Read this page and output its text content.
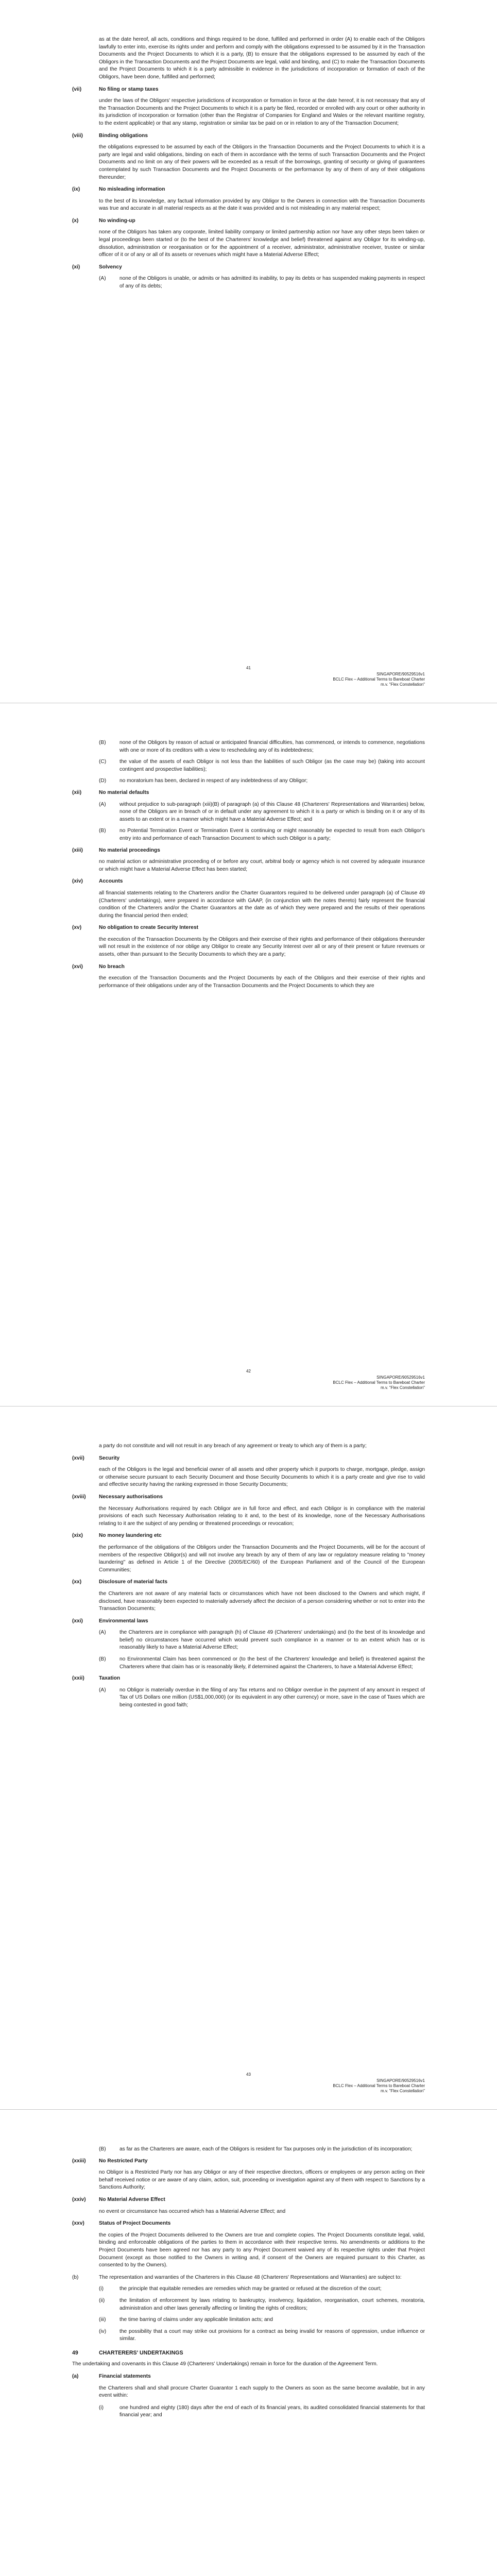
as at the date hereof, all acts, conditions and things required to be done, fulfilled and performed in order (A) to enable each of the Obligors lawfully to enter into, exercise its rights under and perform and comply with the obligations expressed to be assumed by it in the Transaction Documents and the Project Documents to which it is a party, (B) to ensure that the obligations expressed to be assumed by each of the Obligors in the Transaction Documents and the Project Documents are legal, valid and binding, and (C) to make the Transaction Documents and the Project Documents to which it is a party admissible in evidence in the jurisdictions of incorporation or formation of each of the Obligors, have been done, fulfilled and performed;

(vii)	No filing or stamp taxes

under the laws of the Obligors' respective jurisdictions of incorporation or formation in force at the date hereof, it is not necessary that any of the Transaction Documents and the Project Documents to which it is a party be filed, recorded or enrolled with any court or other authority in its jurisdiction of incorporation or formation (other than the Registrar of Companies for England and Wales or the relevant maritime registry, to the extent applicable) or that any stamp, registration or similar tax be paid on or in relation to any of the Transaction Document;

(viii)	Binding obligations

the obligations expressed to be assumed by each of the Obligors in the Transaction Documents and the Project Documents to which it is a party are legal and valid obligations, binding on each of them in accordance with the terms of such Transaction Documents and the Project Documents and no limit on any of their powers will be exceeded as a result of the borrowings, granting of security or giving of guarantees contemplated by such Transaction Documents and the Project Documents or the performance by any of them of any of their obligations thereunder;

(ix)	No misleading information

to the best of its knowledge, any factual information provided by any Obligor to the Owners in connection with the Transaction Documents was true and accurate in all material respects as at the date it was provided and is not misleading in any material respect;

(x)	No winding-up

none of the Obligors has taken any corporate, limited liability company or limited partnership action nor have any other steps been taken or legal proceedings been started or (to the best of the Charterers' knowledge and belief) threatened against any Obligor for its winding-up, dissolution, administration or reorganisation or for the appointment of a receiver, administrator, administrative receiver, trustee or similar officer of it or of any or all of its assets or revenues which might have a Material Adverse Effect;

(xi)	Solvency
(A)	none of the Obligors is unable, or admits or has admitted its inability, to pay its debts or has suspended making payments in respect of any of its debts;
41
SINGAPORE/90529516v1
BCLC Flex – Additional Terms to Bareboat Charter
m.v. "Flex Constellation"
(B)	none of the Obligors by reason of actual or anticipated financial difficulties, has commenced, or intends to commence, negotiations with one or more of its creditors with a view to rescheduling any of its indebtedness;
(C)	the value of the assets of each Obligor is not less than the liabilities of such Obligor (as the case may be) (taking into account contingent and prospective liabilities);
(D)	no moratorium has been, declared in respect of any indebtedness of any Obligor;
(xii)	No material defaults
(A)	without prejudice to sub-paragraph (xiii)(B) of paragraph (a) of this Clause 48 (Charterers' Representations and Warranties) below, none of the Obligors are in breach of or in default under any agreement to which it is a party or which is binding on it or any of its assets to an extent or in a manner which might have a Material Adverse Effect; and
(B)	no Potential Termination Event or Termination Event is continuing or might reasonably be expected to result from each Obligor's entry into and performance of each Transaction Document to which such Obligor is a party;
(xiii)	No material proceedings

no material action or administrative proceeding of or before any court, arbitral body or agency which is not covered by adequate insurance or which might have a Material Adverse Effect has been started;

(xiv)	Accounts

all financial statements relating to the Charterers and/or the Charter Guarantors required to be delivered under paragraph (a) of Clause 49 (Charterers' undertakings), were prepared in accordance with GAAP, (in conjunction with the notes thereto) fairly represent the financial condition of the Charterers and/or the Charter Guarantors at the date as of which they were prepared and the results of their operations during the financial period then ended;

(xv)	No obligation to create Security Interest

the execution of the Transaction Documents by the Obligors and their exercise of their rights and performance of their obligations thereunder will not result in the existence of nor oblige any Obligor to create any Security Interest over all or any of their present or future revenues or assets, other than pursuant to the Security Documents to which they are a party;

(xvi)	No breach

the execution of the Transaction Documents and the Project Documents by each of the Obligors and their exercise of their rights and performance of their obligations under any of the Transaction Documents and the Project Documents to which they are

42
SINGAPORE/90529516v1
BCLC Flex – Additional Terms to Bareboat Charter
m.v. "Flex Constellation"

a party do not constitute and will not result in any breach of any agreement or treaty to which any of them is a party;

(xvii)	Security

each of the Obligors is the legal and beneficial owner of all assets and other property which it purports to charge, mortgage, pledge, assign or otherwise secure pursuant to each Security Document and those Security Documents to which it is a party create and give rise to valid and effective security having the ranking expressed in those Security Documents;

(xviii)	Necessary authorisations

the Necessary Authorisations required by each Obligor are in full force and effect, and each Obligor is in compliance with the material provisions of each such Necessary Authorisation relating to it and, to the best of its knowledge, none of the Necessary Authorisations relating to it are the subject of any pending or threatened proceedings or revocation;

(xix)	No money laundering etc

the performance of the obligations of the Obligors under the Transaction Documents and the Project Documents, will be for the account of members of the respective Obligor(s) and will not involve any breach by any of them of any law or regulatory measure relating to "money laundering" as defined in Article 1 of the Directive (2005/EC/60) of the European Parliament and of the Council of the European Communities;

(xx)	Disclosure of material facts

the Charterers are not aware of any material facts or circumstances which have not been disclosed to the Owners and which might, if disclosed, have reasonably been expected to materially adversely affect the decision of a person considering whether or not to enter into the Transaction Documents;

(xxi)	Environmental laws
(A)	the Charterers are in compliance with paragraph (h) of Clause 49 (Charterers' undertakings) and (to the best of its knowledge and belief) no circumstances have occurred which would prevent such compliance in a manner or to an extent which has or is reasonably likely to have a Material Adverse Effect;
(B)	no Environmental Claim has been commenced or (to the best of the Charterers' knowledge and belief) is threatened against the Charterers where that claim has or is reasonably likely, if determined against the Charterers, to have a Material Adverse Effect;
(xxii)	Taxation
(A)	no Obligor is materially overdue in the filing of any Tax returns and no Obligor overdue in the payment of any amount in respect of Tax of US Dollars one million (US$1,000,000) (or its equivalent in any other currency) or more, save in the case of Taxes which are being contested in good faith;
43
SINGAPORE/90529516v1
BCLC Flex – Additional Terms to Bareboat Charter
m.v. "Flex Constellation"
(B)	as far as the Charterers are aware, each of the Obligors is resident for Tax purposes only in the jurisdiction of its incorporation;
(xxiii)	No Restricted Party

no Obligor is a Restricted Party nor has any Obligor or any of their respective directors, officers or employees or any person acting on their behalf received notice or are aware of any claim, action, suit, proceeding or investigation against any of them with respect to Sanctions by a Sanctions Authority;

(xxiv)	No Material Adverse Effect

no event or circumstance has occurred which has a Material Adverse Effect; and

(xxv)	Status of Project Documents

the copies of the Project Documents delivered to the Owners are true and complete copies. The Project Documents constitute legal, valid, binding and enforceable obligations of the parties to them in accordance with their respective terms. No amendments or additions to the Project Documents have been agreed nor has any party to any Project Document waived any of its respective rights under that Project Document (except as those notified to the Owners in writing and, if consent of the Owners are required pursuant to this Charter, as consented to by the Owners).

(b)	The representation and warranties of the Charterers in this Clause 48 (Charterers' Representations and Warranties) are subject to:
(i)	the principle that equitable remedies are remedies which may be granted or refused at the discretion of the court;
(ii)	the limitation of enforcement by laws relating to bankruptcy, insolvency, liquidation, reorganisation, court schemes, moratoria, administration and other laws generally affecting or limiting the rights of creditors;
(iii)	the time barring of claims under any applicable limitation acts; and
(iv)	the possibility that a court may strike out provisions for a contract as being invalid for reasons of oppression, undue influence or similar.
49	CHARTERERS' UNDERTAKINGS

The undertaking and covenants in this Clause 49 (Charterers' Undertakings) remain in force for the duration of the Agreement Term.

(a)	Financial statements

the Charterers shall and shall procure Charter Guarantor 1 each supply to the Owners as soon as the same become available, but in any event within:

(i)	one hundred and eighty (180) days after the end of each of its financial years, its audited consolidated financial statements for that financial year; and
